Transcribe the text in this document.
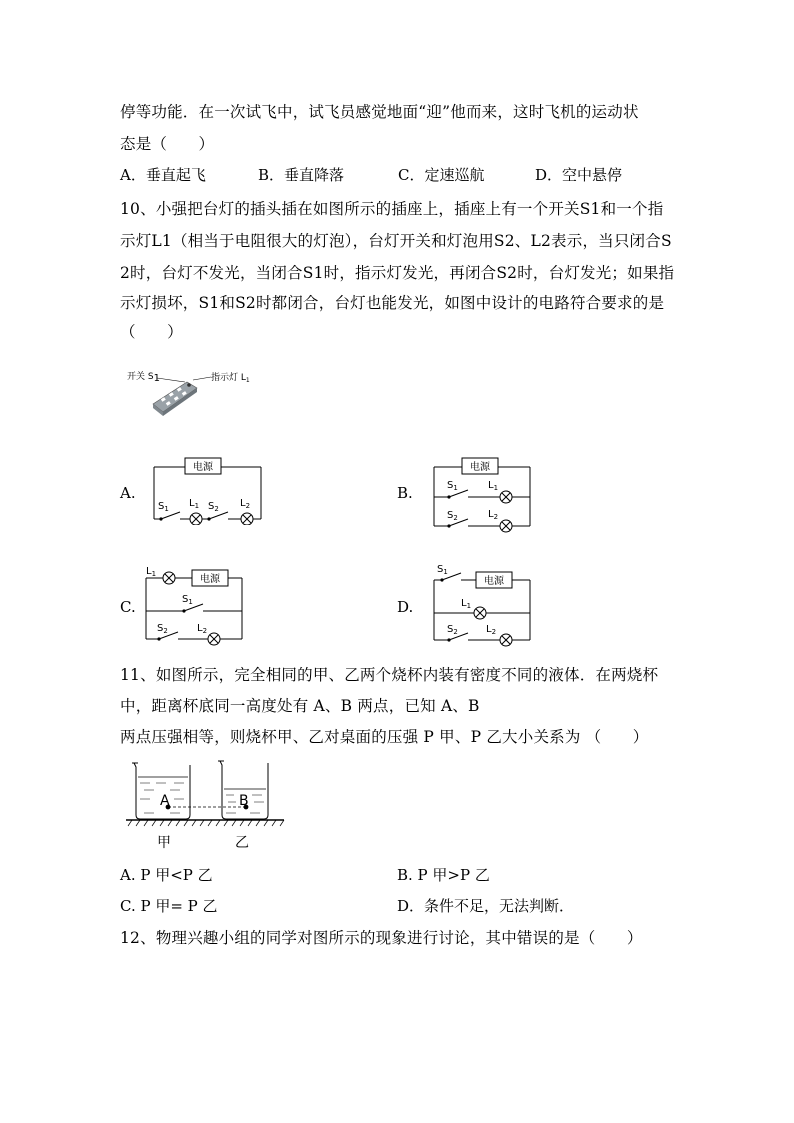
停等功能．在一次试飞中，试飞员感觉地面“迎”他而来，这时飞机的运动状
态是（　　）
A．垂直起飞	B．垂直降落	C．定速巡航	D．空中悬停
10、小强把台灯的插头插在如图所示的插座上，插座上有一个开关S1和一个指
示灯L1（相当于电阻很大的灯泡），台灯开关和灯泡用S2、L2表示，当只闭合S
2时，台灯不发光，当闭合S1时，指示灯发光，再闭合S2时，台灯发光；如果指
示灯损坏，S1和S2时都闭合，台灯也能发光，如图中设计的电路符合要求的是
（　　）
开关 S1	指示灯 $L_1$
A.
电源
$S_1$ $L_1$ $S_2$ $L_2$
B.
电源
$S_1$	$L_1$
$S_2$	$L_2$
C.
电源
$L_1$
$S_1$
$S_2$	$L_2$
D.
电源
$S_1$
$L_1$
$S_2$	$L_2$
11、如图所示，完全相同的甲、乙两个烧杯内装有密度不同的液体．在两烧杯
中，距离杯底同一高度处有 A、B 两点，已知 A、B
两点压强相等，则烧杯甲、乙对桌面的压强 P 甲、P 乙大小关系为 （　　）
A	B
甲	乙
A. P 甲<P 乙	B. P 甲>P 乙
C. P 甲= P 乙	D．条件不足，无法判断．
12、物理兴趣小组的同学对图所示的现象进行讨论，其中错误的是（　　）
